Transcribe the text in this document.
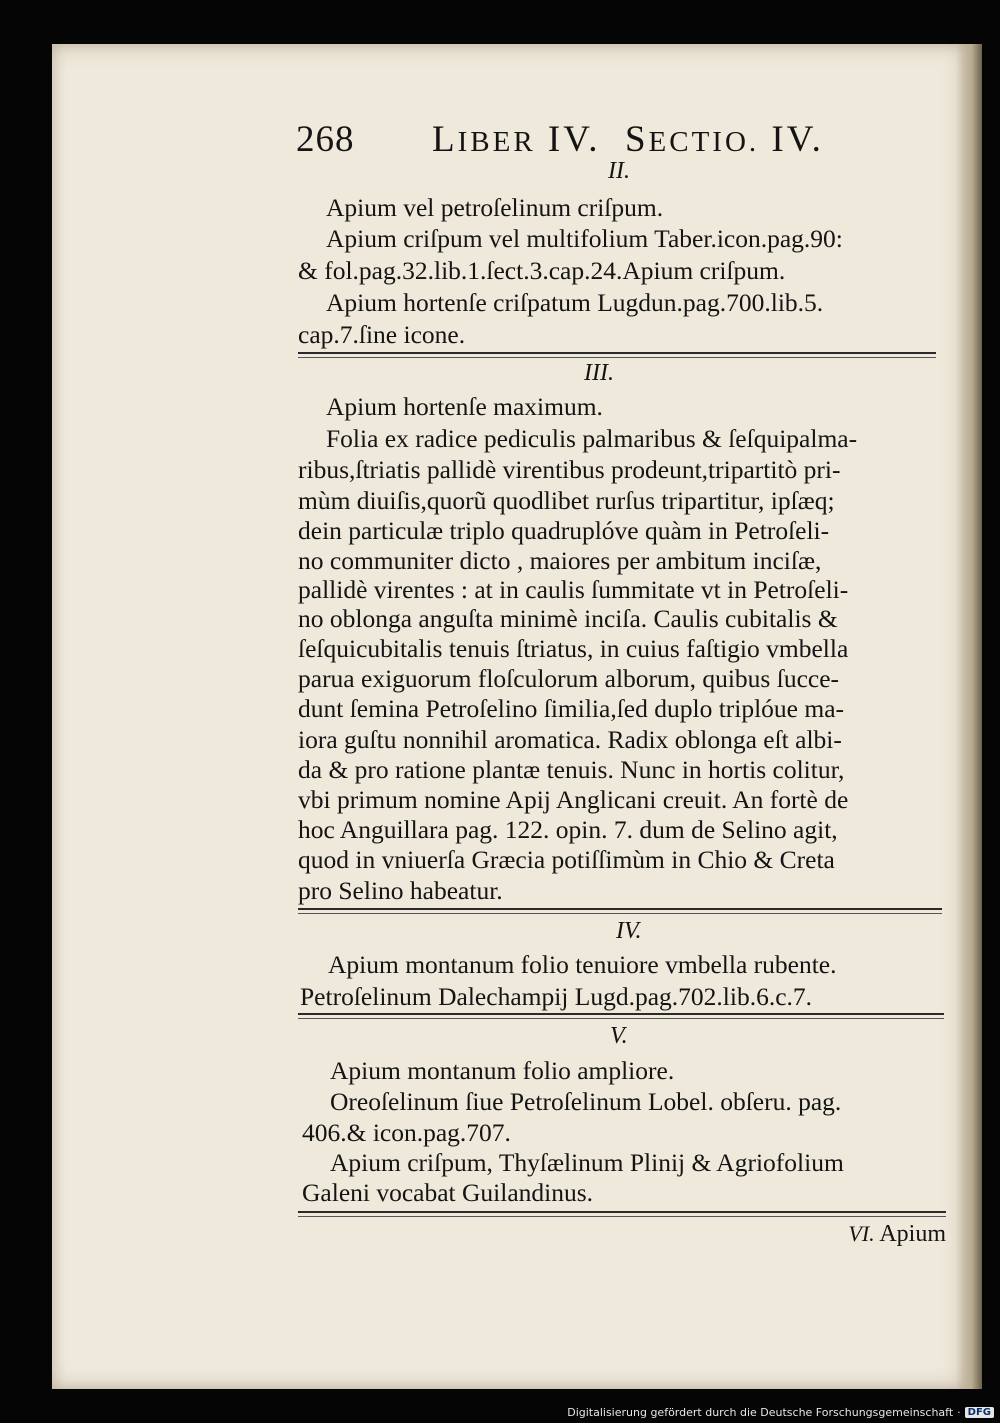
268 LIBER IV. SECTIO. IV.
II.
Apium vel petroſelinum criſpum.
Apium criſpum vel multifolium Taber.icon.pag.90:
& fol.pag.32.lib.1.ſect.3.cap.24.Apium criſpum.
Apium hortenſe criſpatum Lugdun.pag.700.lib.5.
cap.7.ſine icone.
III.
Apium hortenſe maximum.
Folia ex radice pediculis palmaribus & ſeſquipalma-
ribus,ſtriatis pallidè virentibus prodeunt,tripartitò pri-
mùm diuiſis,quorũ quodlibet rurſus tripartitur, ipſæq;
dein particulæ triplo quadruplóve quàm in Petroſeli-
no communiter dicto , maiores per ambitum inciſæ,
pallidè virentes : at in caulis ſummitate vt in Petroſeli-
no oblonga anguſta minimè inciſa. Caulis cubitalis &
ſeſquicubitalis tenuis ſtriatus, in cuius faſtigio vmbella
parua exiguorum floſculorum alborum, quibus ſucce-
dunt ſemina Petroſelino ſimilia,ſed duplo triplóue ma-
iora guſtu nonnihil aromatica. Radix oblonga eſt albi-
da & pro ratione plantæ tenuis. Nunc in hortis colitur,
vbi primum nomine Apij Anglicani creuit. An fortè de
hoc Anguillara pag. 122. opin. 7. dum de Selino agit,
quod in vniuerſa Græcia potiſſimùm in Chio & Creta
pro Selino habeatur.
IV.
Apium montanum folio tenuiore vmbella rubente.
Petroſelinum Dalechampij Lugd.pag.702.lib.6.c.7.
V.
Apium montanum folio ampliore.
Oreoſelinum ſiue Petroſelinum Lobel. obſeru. pag.
406.& icon.pag.707.
Apium criſpum, Thyſælinum Plinij & Agriofolium
Galeni vocabat Guilandinus.
VI. Apium
Digitalisierung gefördert durch die Deutsche Forschungsgemeinschaft · DFG
